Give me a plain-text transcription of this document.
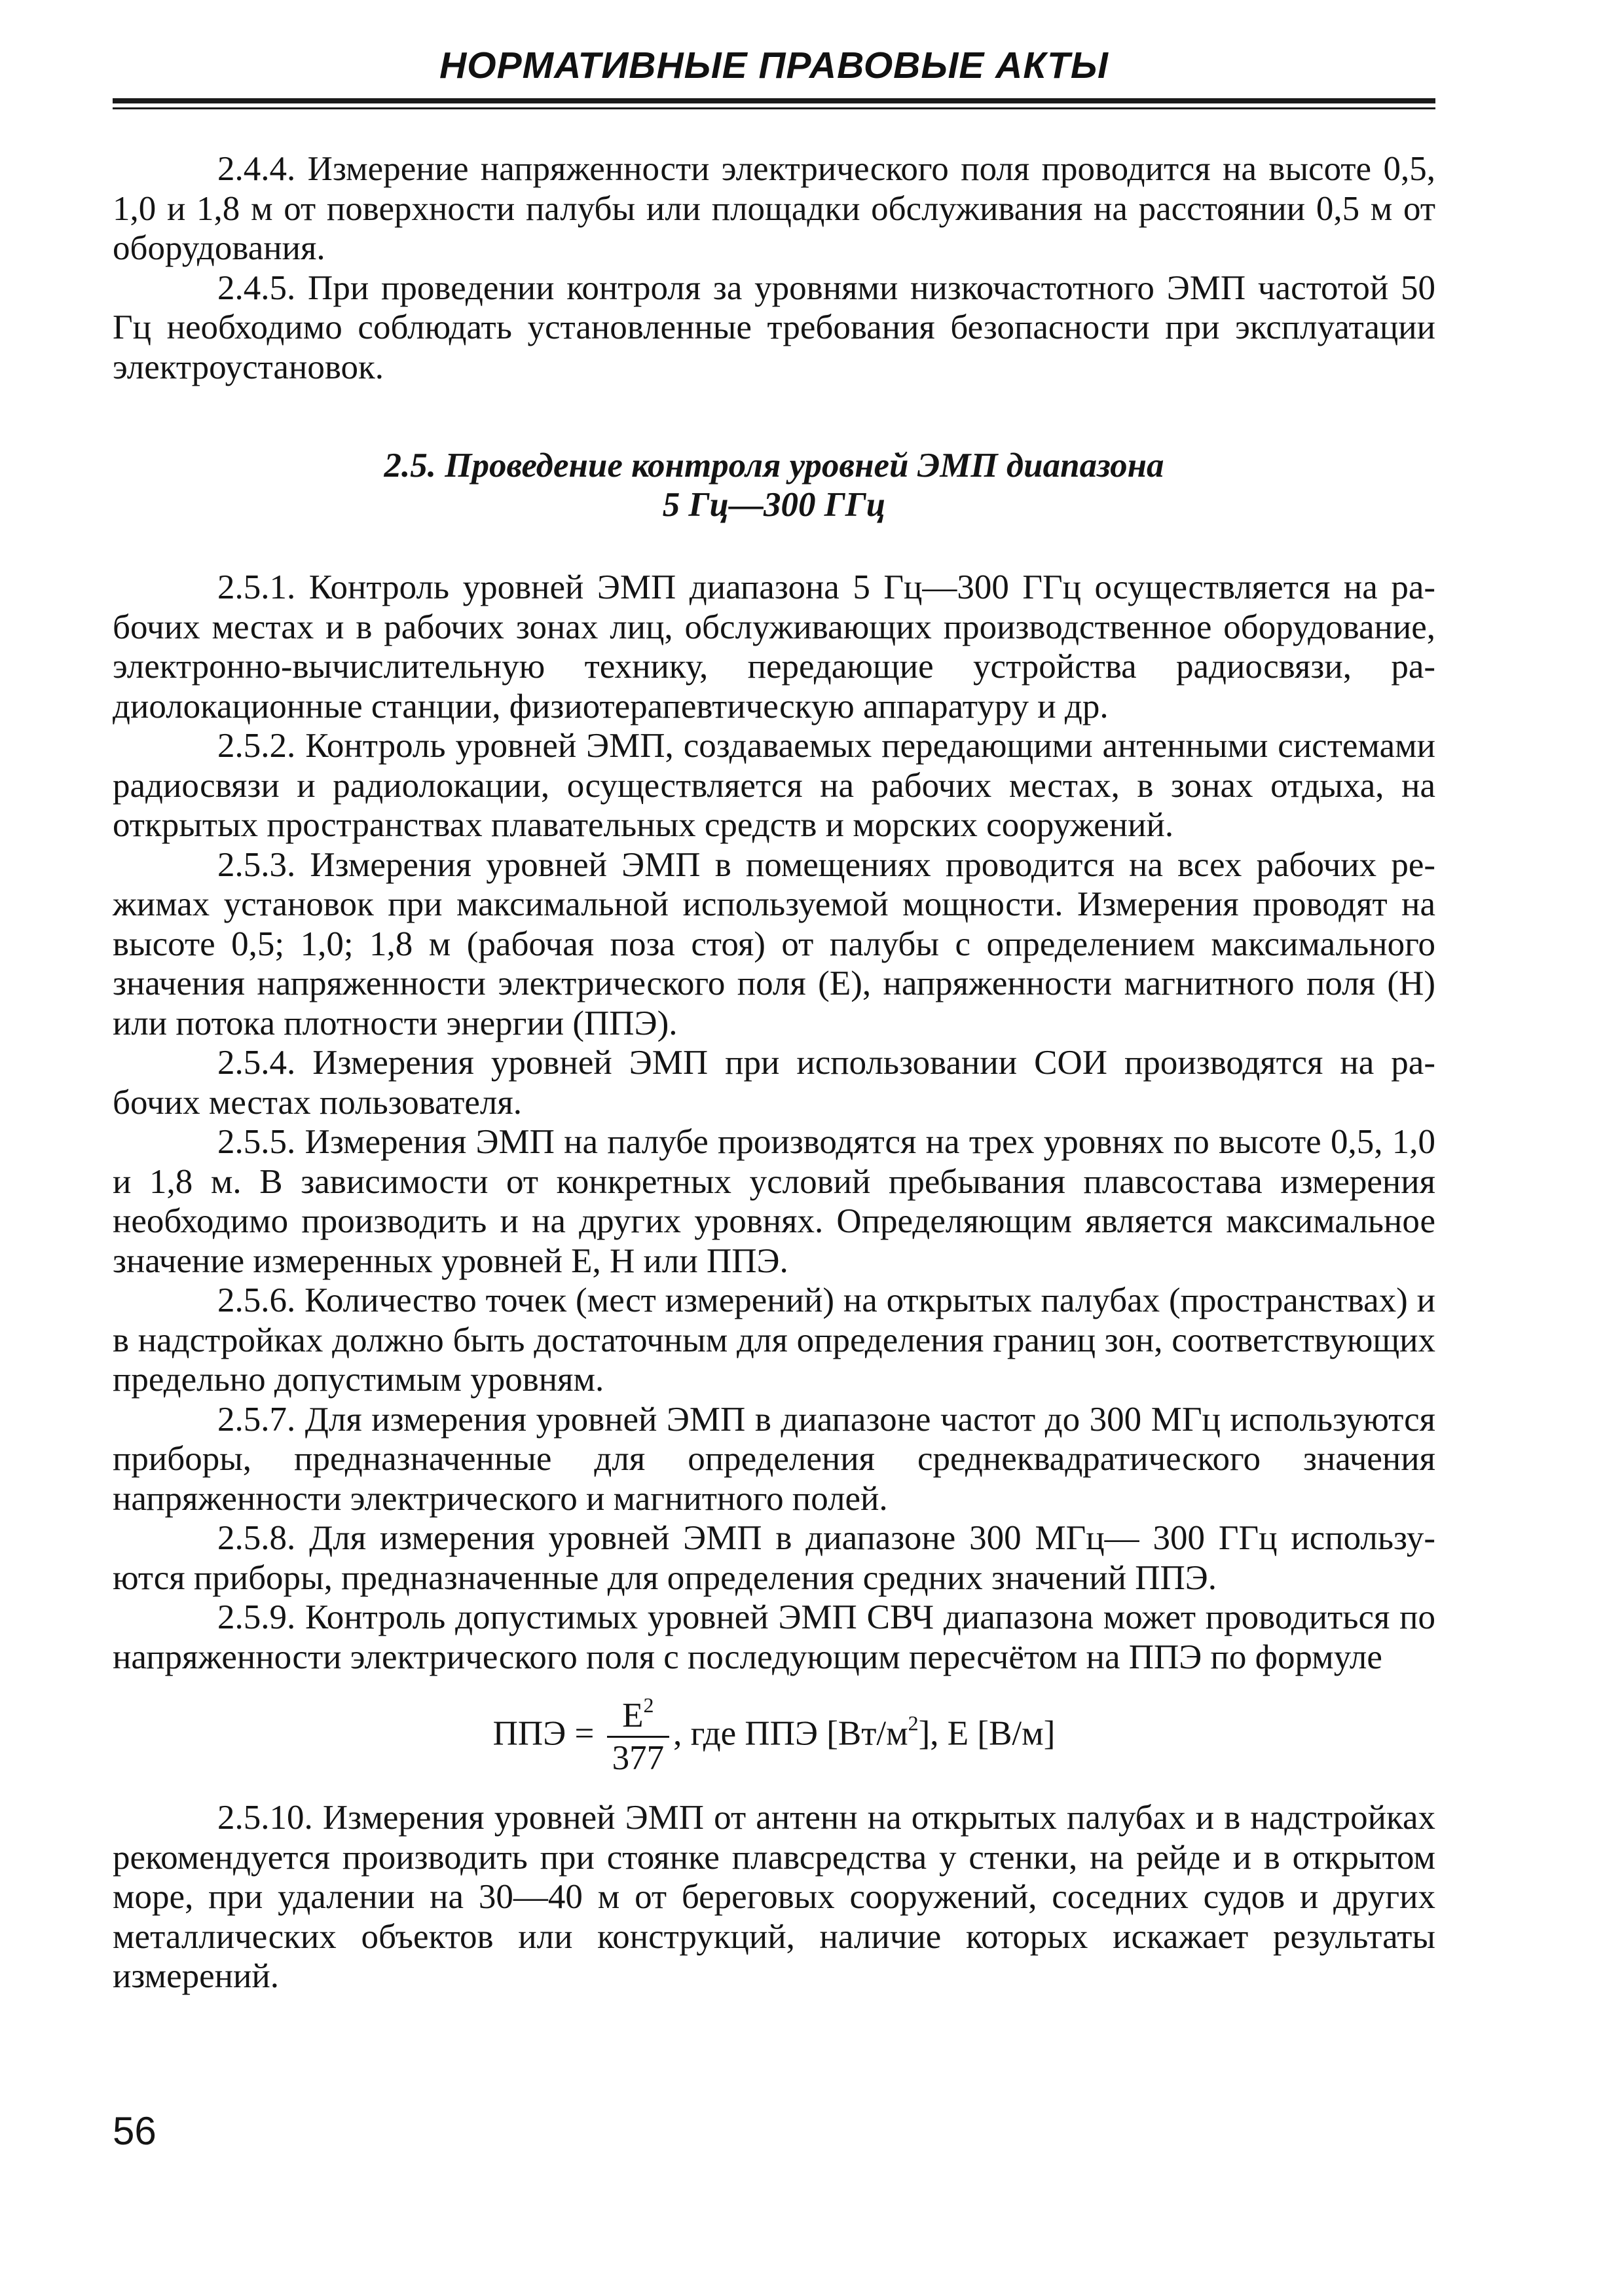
НОРМАТИВНЫЕ ПРАВОВЫЕ АКТЫ

2.4.4. Измерение напряженности электрического поля проводится на высоте 0,5, 1,0 и 1,8 м от поверхности палубы или площадки обслуживания на расстоянии 0,5 м от оборудования.

2.4.5. При проведении контроля за уровнями низкочастотного ЭМП частотой 50 Гц необходимо соблюдать установленные требования безопасности при эксплуатации электроустановок.

2.5. Проведение контроля уровней ЭМП диапазона
5 Гц—300 ГГц

2.5.1. Контроль уровней ЭМП диапазона 5 Гц—300 ГГц осуществляется на рабочих местах и в рабочих зонах лиц, обслуживающих производственное оборудование, электронно-вычислительную технику, передающие устройства радиосвязи, радиолокационные станции, физиотерапевтическую аппаратуру и др.

2.5.2. Контроль уровней ЭМП, создаваемых передающими антенными системами радиосвязи и радиолокации, осуществляется на рабочих местах, в зонах отдыха, на открытых пространствах плавательных средств и морских сооружений.

2.5.3. Измерения уровней ЭМП в помещениях проводится на всех рабочих режимах установок при максимальной используемой мощности. Измерения проводят на высоте 0,5; 1,0; 1,8 м (рабочая поза стоя) от палубы с определением максимального значения напряженности электрического поля (Е), напряженности магнитного поля (Н) или потока плотности энергии (ППЭ).

2.5.4. Измерения уровней ЭМП при использовании СОИ производятся на рабочих местах пользователя.

2.5.5. Измерения ЭМП на палубе производятся на трех уровнях по высоте 0,5, 1,0 и 1,8 м. В зависимости от конкретных условий пребывания плавсостава измерения необходимо производить и на других уровнях. Определяющим является максимальное значение измеренных уровней Е, Н или ППЭ.

2.5.6. Количество точек (мест измерений) на открытых палубах (пространствах) и в надстройках должно быть достаточным для определения границ зон, соответствующих предельно допустимым уровням.

2.5.7. Для измерения уровней ЭМП в диапазоне частот до 300 МГц используются приборы, предназначенные для определения среднеквадратического значения напряженности электрического и магнитного полей.

2.5.8. Для измерения уровней ЭМП в диапазоне 300 МГц— 300 ГГц используются приборы, предназначенные для определения средних значений ППЭ.

2.5.9. Контроль допустимых уровней ЭМП СВЧ диапазона может проводиться по напряженности электрического поля с последующим пересчётом на ППЭ по формуле

ППЭ = $\frac{E^2}{377}$ , где ППЭ $[Вт/м^2]$, Е [В/м]

2.5.10. Измерения уровней ЭМП от антенн на открытых палубах и в надстройках рекомендуется производить при стоянке плавсредства у стенки, на рейде и в открытом море, при удалении на 30—40 м от береговых сооружений, соседних судов и других металлических объектов или конструкций, наличие которых искажает результаты измерений.

56
